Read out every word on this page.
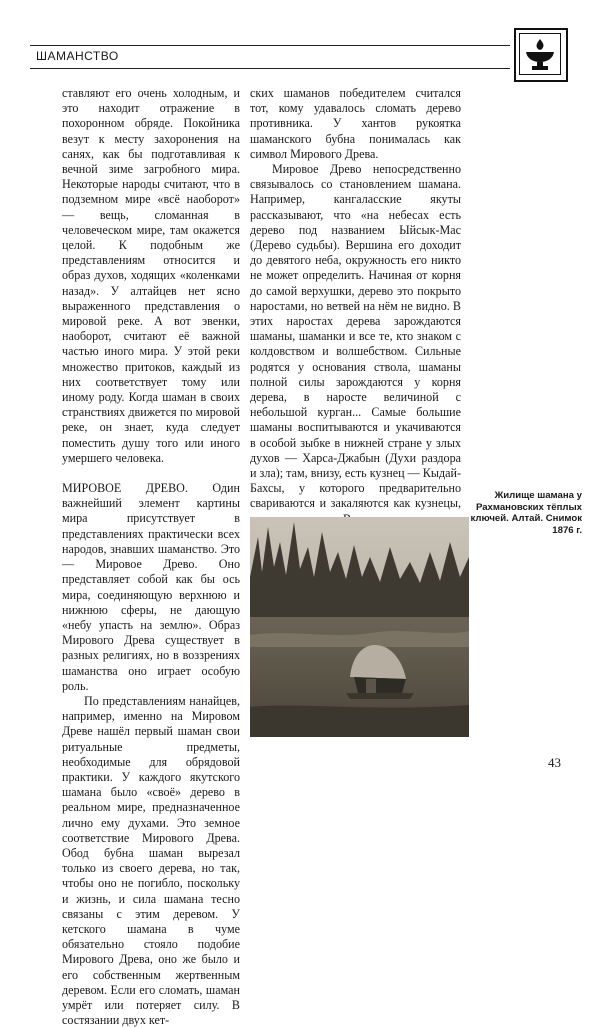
ШАМАНСТВО

ставляют его очень холодным, и это находит отражение в похоронном обряде. Покойника везут к месту захоронения на санях, как бы подготавливая к вечной зиме загробного мира. Некоторые народы считают, что в подземном мире «всё наоборот» — вещь, сломанная в человеческом мире, там окажется целой. К подобным же представлениям относится и образ духов, ходящих «коленками назад». У алтайцев нет ясно выраженного представления о мировой реке. А вот эвенки, наоборот, считают её важной частью иного мира. У этой реки множество притоков, каждый из них соответствует тому или иному роду. Когда шаман в своих странствиях движется по мировой реке, он знает, куда следует поместить душу того или иного умершего человека.

МИРОВОЕ ДРЕВО. Один важнейший элемент картины мира присутствует в представлениях практически всех народов, знавших шаманство. Это — Мировое Древо. Оно представляет собой как бы ось мира, соединяющую верхнюю и нижнюю сферы, не дающую «небу упасть на землю». Образ Мирового Древа существует в разных религиях, но в воззрениях шаманства оно играет особую роль.

По представлениям нанайцев, например, именно на Мировом Древе нашёл первый шаман свои ритуальные предметы, необходимые для обрядовой практики. У каждого якутского шамана было «своё» дерево в реальном мире, предназначенное лично ему духами. Это земное соответствие Мирового Древа. Обод бубна шаман вырезал только из своего дерева, но так, чтобы оно не погибло, поскольку и жизнь, и сила шамана тесно связаны с этим деревом. У кетского шамана в чуме обязательно стояло подобие Мирового Древа, оно же было и его собственным жертвенным деревом. Если его сломать, шаман умрёт или потеряет силу. В состязании двух кет-

ских шаманов победителем считался тот, кому удавалось сломать дерево противника. У хантов рукоятка шаманского бубна понималась как символ Мирового Древа.

Мировое Древо непосредственно связывалось со становлением шамана. Например, кангаласские якуты рассказывают, что «на небесах есть дерево под названием Ыйсык-Мас (Дерево судьбы). Вершина его доходит до девятого неба, окружность его никто не может определить. Начиная от корня до самой верхушки, дерево это покрыто наростами, но ветвей на нём не видно. В этих наростах дерева зарождаются шаманы, шаманки и все те, кто знаком с колдовством и волшебством. Сильные родятся у основания ствола, шаманы полной силы зарождаются у корня дерева, в наросте величиной с небольшой курган... Самые большие шаманы воспитываются и укачиваются в особой зыбке в нижней стране у злых духов — Харса-Джабын (Духи раздора и зла); там, внизу, есть кузнец — Кыдай-Бахсы, у которого предварительно свариваются и закаляются как кузнецы,

Жилище шамана у Рахмановских тёплых ключей. Алтай. Снимок 1876 г.
43
